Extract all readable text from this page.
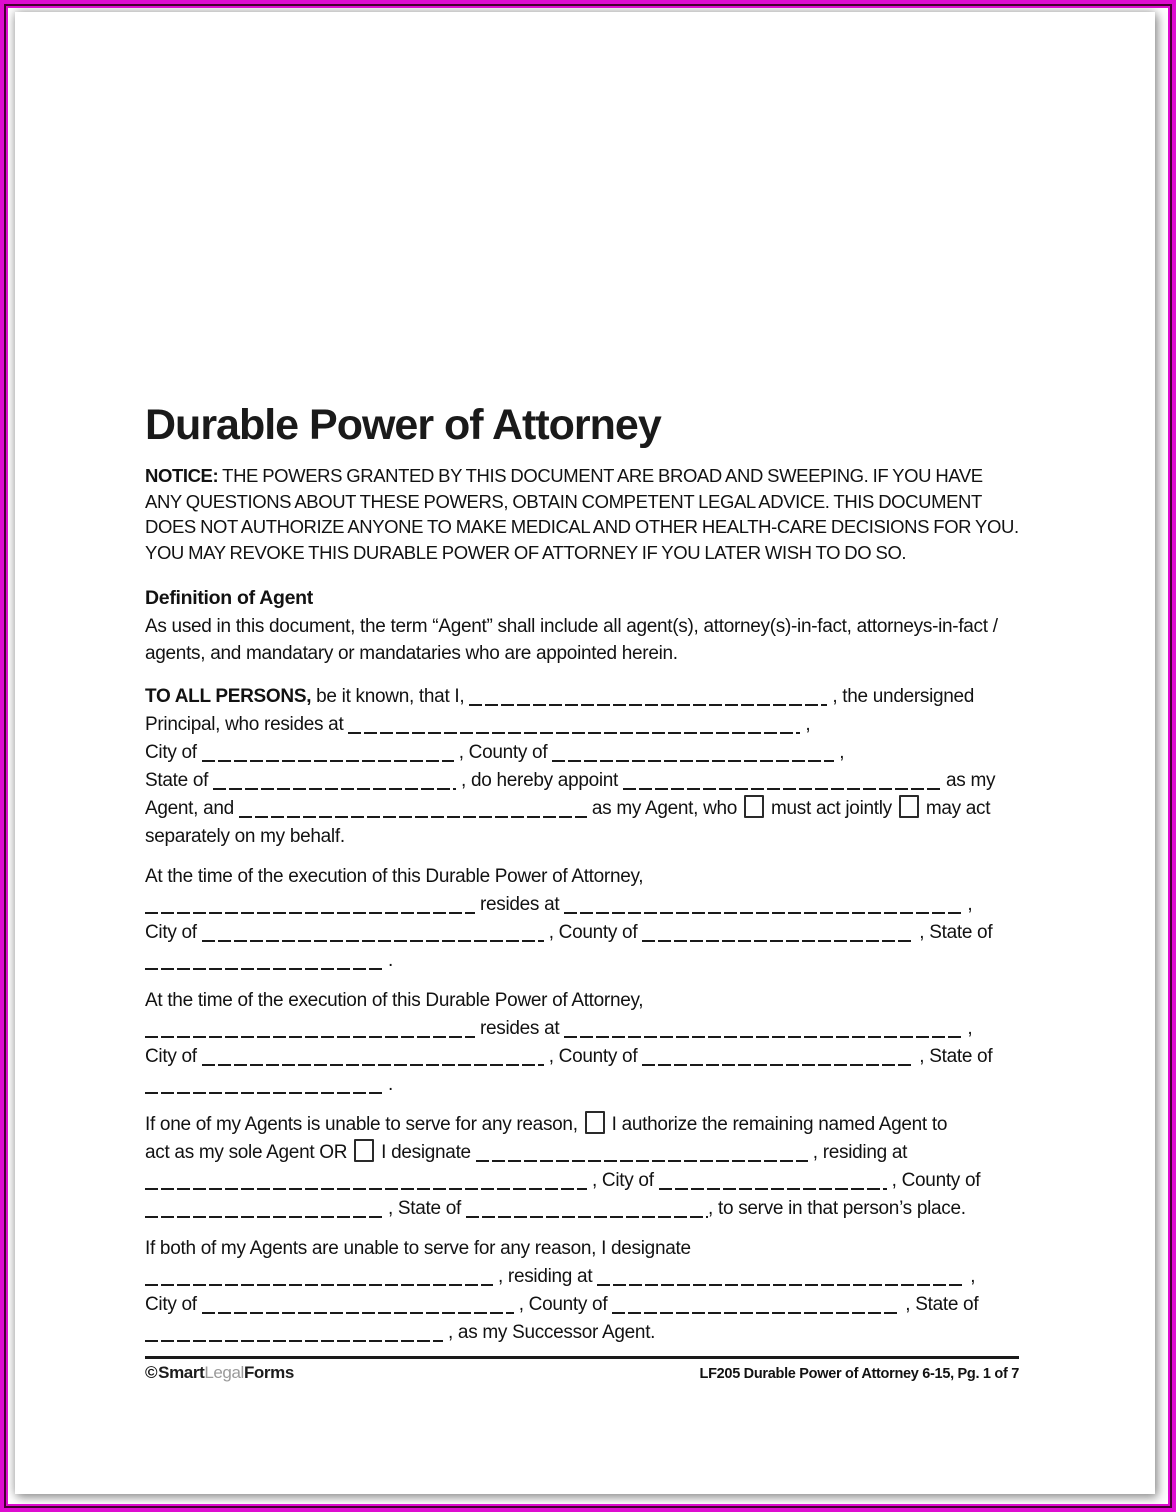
Durable Power of Attorney
NOTICE: THE POWERS GRANTED BY THIS DOCUMENT ARE BROAD AND SWEEPING. IF YOU HAVE ANY QUESTIONS ABOUT THESE POWERS, OBTAIN COMPETENT LEGAL ADVICE. THIS DOCUMENT DOES NOT AUTHORIZE ANYONE TO MAKE MEDICAL AND OTHER HEALTH-CARE DECISIONS FOR YOU. YOU MAY REVOKE THIS DURABLE POWER OF ATTORNEY IF YOU LATER WISH TO DO SO.
Definition of Agent
As used in this document, the term “Agent” shall include all agent(s), attorney(s)-in-fact, attorneys-in-fact / agents, and mandatary or mandataries who are appointed herein.
TO ALL PERSONS, be it known, that I,	, the undersigned
Principal, who resides at	,
City of	, County of	,
State of	, do hereby appoint	as my
Agent, and	as my Agent, who  must act jointly  may act
separately on my behalf.
At the time of the execution of this Durable Power of Attorney,
resides at	,
City of	, County of	, State of
.
At the time of the execution of this Durable Power of Attorney,
resides at	,
City of	, County of	, State of
.
If one of my Agents is unable to serve for any reason,  I authorize the remaining named Agent to
act as my sole Agent OR  I designate	, residing at
, City of	, County of
, State of	, to serve in that person’s place.
If both of my Agents are unable to serve for any reason, I designate
, residing at	,
City of	, County of	, State of
, as my Successor Agent.
©SmartLegalForms	LF205 Durable Power of Attorney 6-15, Pg. 1 of 7
